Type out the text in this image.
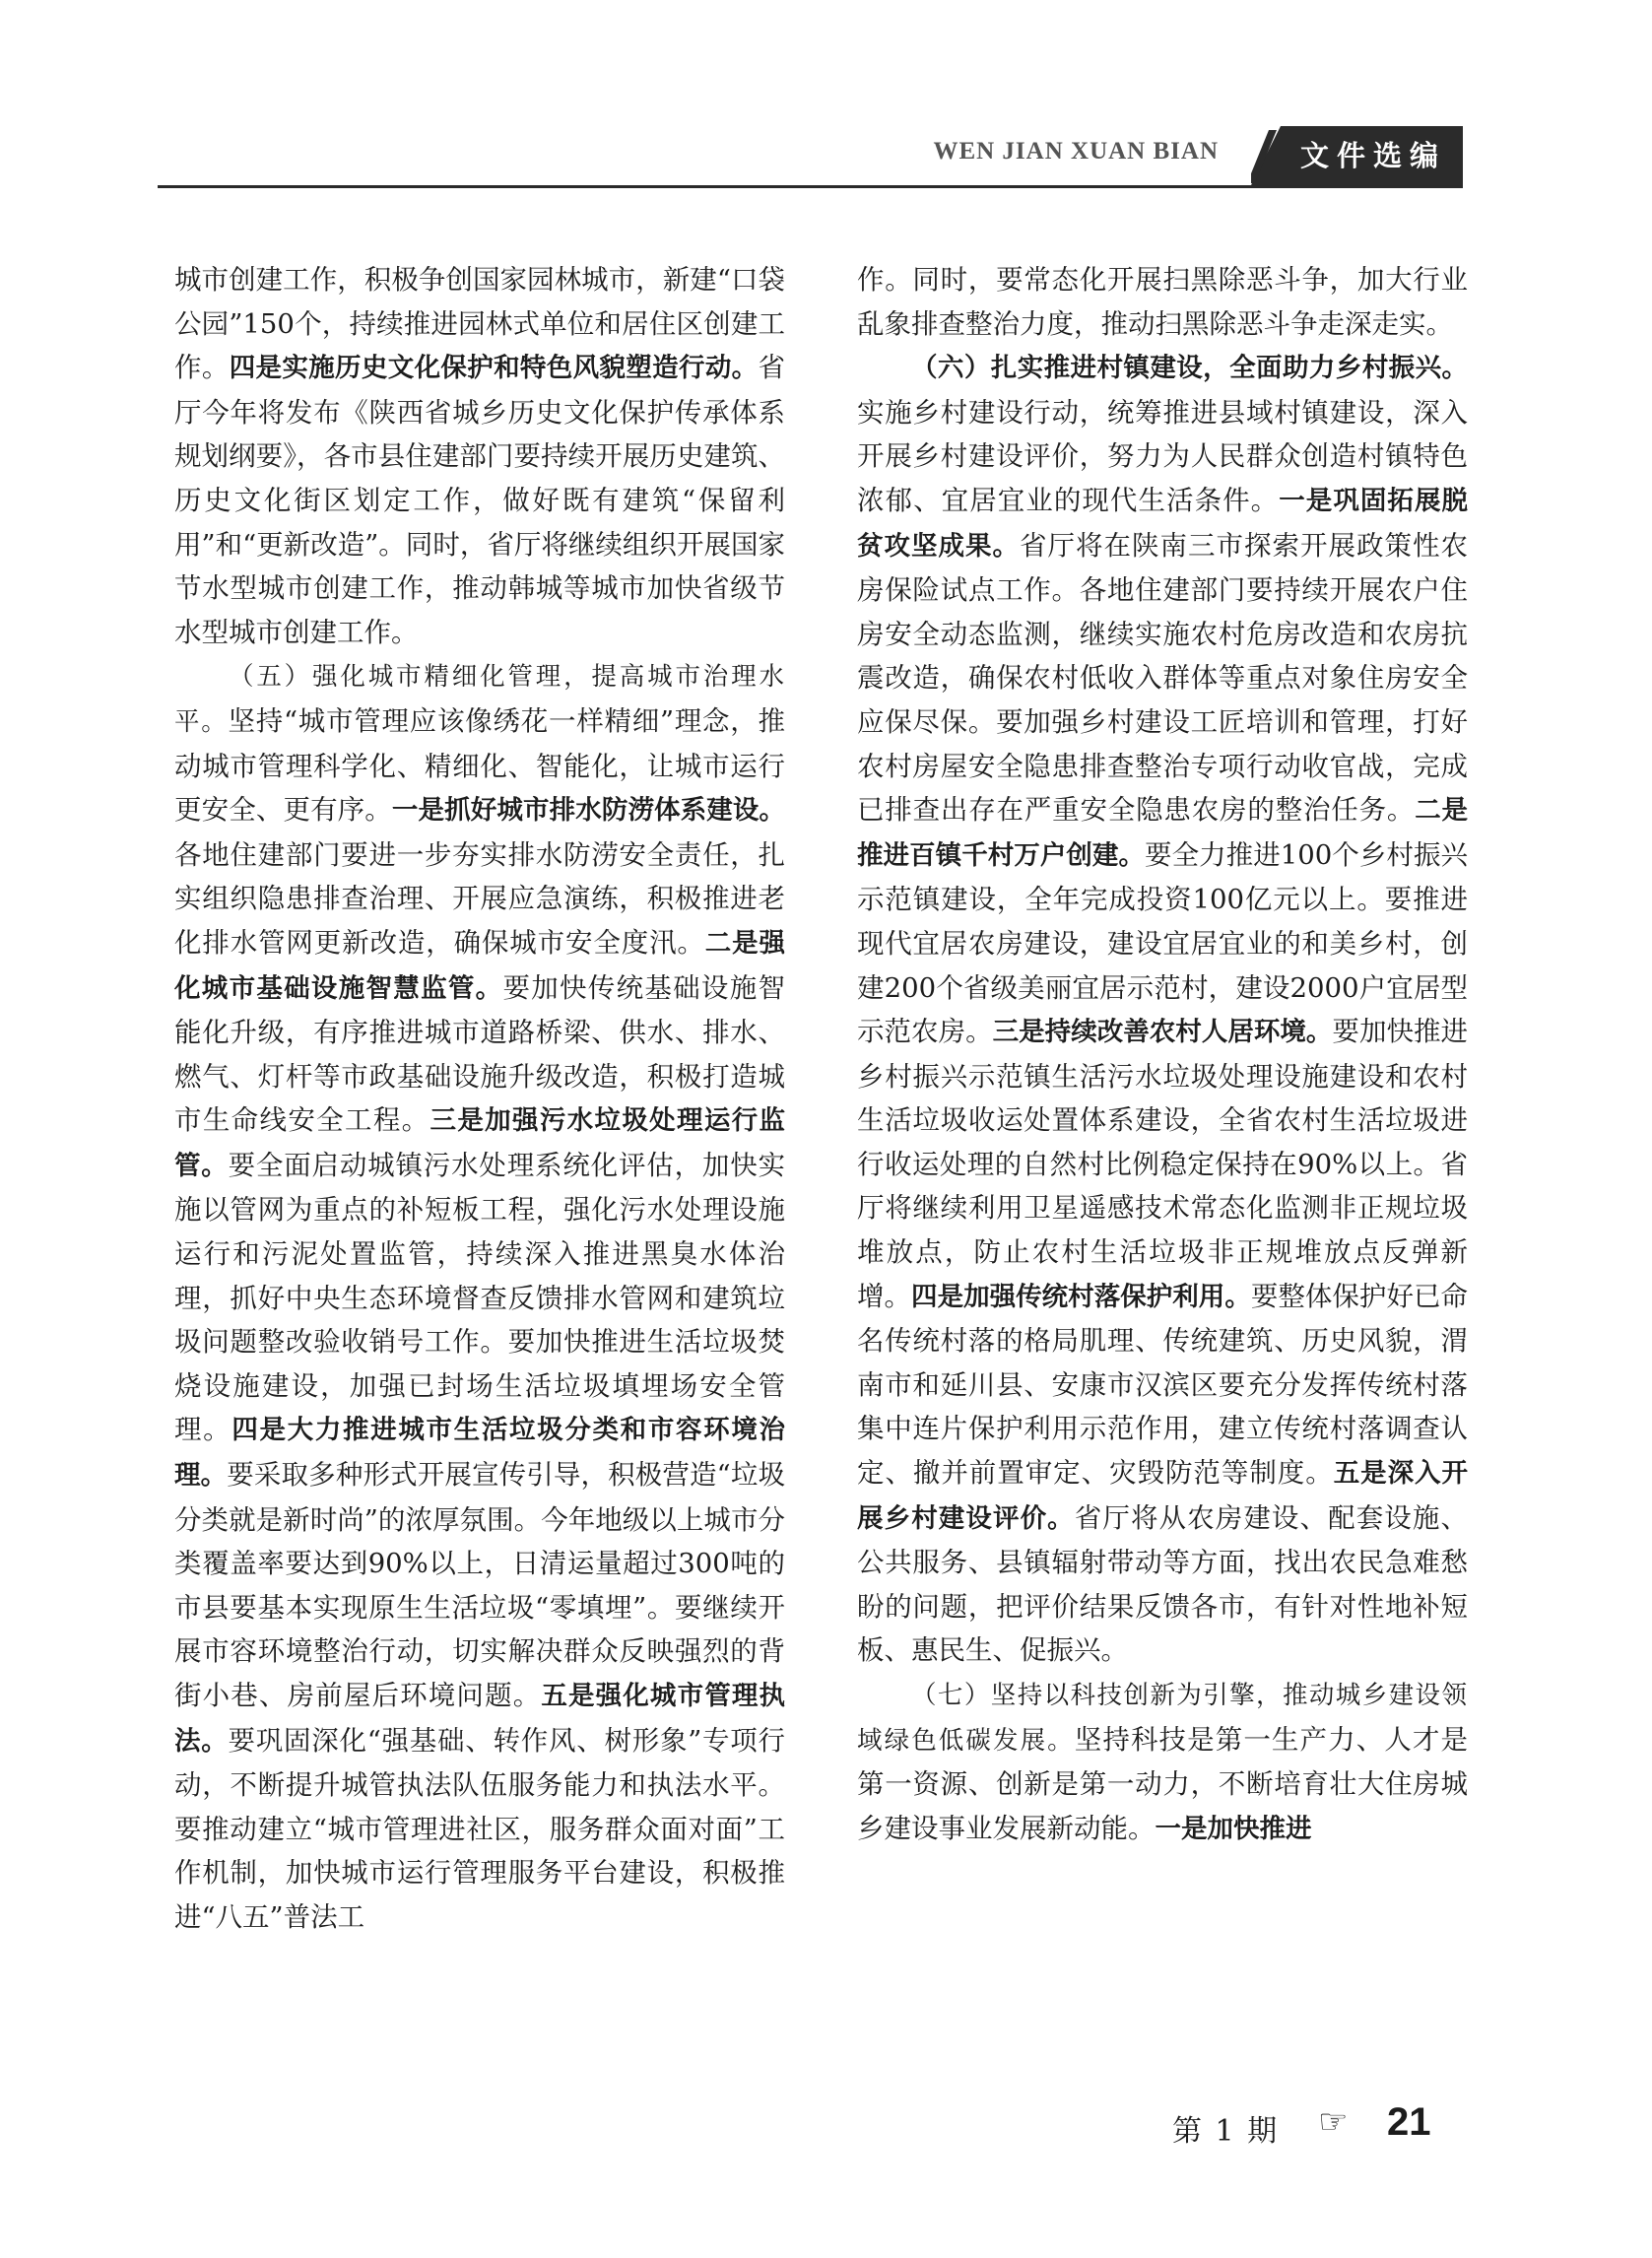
WEN JIAN XUAN BIAN	文件选编

城市创建工作，积极争创国家园林城市，新建“口袋公园”150个，持续推进园林式单位和居住区创建工作。四是实施历史文化保护和特色风貌塑造行动。省厅今年将发布《陕西省城乡历史文化保护传承体系规划纲要》，各市县住建部门要持续开展历史建筑、历史文化街区划定工作，做好既有建筑“保留利用”和“更新改造”。同时，省厅将继续组织开展国家节水型城市创建工作，推动韩城等城市加快省级节水型城市创建工作。

（五）强化城市精细化管理，提高城市治理水平。坚持“城市管理应该像绣花一样精细”理念，推动城市管理科学化、精细化、智能化，让城市运行更安全、更有序。一是抓好城市排水防涝体系建设。各地住建部门要进一步夯实排水防涝安全责任，扎实组织隐患排查治理、开展应急演练，积极推进老化排水管网更新改造，确保城市安全度汛。二是强化城市基础设施智慧监管。要加快传统基础设施智能化升级，有序推进城市道路桥梁、供水、排水、燃气、灯杆等市政基础设施升级改造，积极打造城市生命线安全工程。三是加强污水垃圾处理运行监管。要全面启动城镇污水处理系统化评估，加快实施以管网为重点的补短板工程，强化污水处理设施运行和污泥处置监管，持续深入推进黑臭水体治理，抓好中央生态环境督查反馈排水管网和建筑垃圾问题整改验收销号工作。要加快推进生活垃圾焚烧设施建设，加强已封场生活垃圾填埋场安全管理。四是大力推进城市生活垃圾分类和市容环境治理。要采取多种形式开展宣传引导，积极营造“垃圾分类就是新时尚”的浓厚氛围。今年地级以上城市分类覆盖率要达到90%以上，日清运量超过300吨的市县要基本实现原生生活垃圾“零填埋”。要继续开展市容环境整治行动，切实解决群众反映强烈的背街小巷、房前屋后环境问题。五是强化城市管理执法。要巩固深化“强基础、转作风、树形象”专项行动，不断提升城管执法队伍服务能力和执法水平。要推动建立“城市管理进社区，服务群众面对面”工作机制，加快城市运行管理服务平台建设，积极推进“八五”普法工

作。同时，要常态化开展扫黑除恶斗争，加大行业乱象排查整治力度，推动扫黑除恶斗争走深走实。

（六）扎实推进村镇建设，全面助力乡村振兴。实施乡村建设行动，统筹推进县域村镇建设，深入开展乡村建设评价，努力为人民群众创造村镇特色浓郁、宜居宜业的现代生活条件。一是巩固拓展脱贫攻坚成果。省厅将在陕南三市探索开展政策性农房保险试点工作。各地住建部门要持续开展农户住房安全动态监测，继续实施农村危房改造和农房抗震改造，确保农村低收入群体等重点对象住房安全应保尽保。要加强乡村建设工匠培训和管理，打好农村房屋安全隐患排查整治专项行动收官战，完成已排查出存在严重安全隐患农房的整治任务。二是推进百镇千村万户创建。要全力推进100个乡村振兴示范镇建设，全年完成投资100亿元以上。要推进现代宜居农房建设，建设宜居宜业的和美乡村，创建200个省级美丽宜居示范村，建设2000户宜居型示范农房。三是持续改善农村人居环境。要加快推进乡村振兴示范镇生活污水垃圾处理设施建设和农村生活垃圾收运处置体系建设，全省农村生活垃圾进行收运处理的自然村比例稳定保持在90%以上。省厅将继续利用卫星遥感技术常态化监测非正规垃圾堆放点，防止农村生活垃圾非正规堆放点反弹新增。四是加强传统村落保护利用。要整体保护好已命名传统村落的格局肌理、传统建筑、历史风貌，渭南市和延川县、安康市汉滨区要充分发挥传统村落集中连片保护利用示范作用，建立传统村落调查认定、撤并前置审定、灾毁防范等制度。五是深入开展乡村建设评价。省厅将从农房建设、配套设施、公共服务、县镇辐射带动等方面，找出农民急难愁盼的问题，把评价结果反馈各市，有针对性地补短板、惠民生、促振兴。

（七）坚持以科技创新为引擎，推动城乡建设领域绿色低碳发展。坚持科技是第一生产力、人才是第一资源、创新是第一动力，不断培育壮大住房城乡建设事业发展新动能。一是加快推进

第 1 期 ☞ 21
